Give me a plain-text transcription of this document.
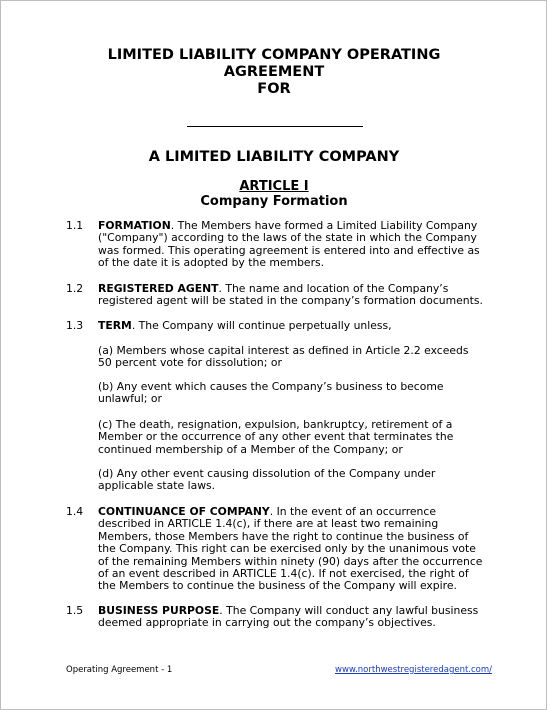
LIMITED LIABILITY COMPANY OPERATING
AGREEMENT
FOR
A LIMITED LIABILITY COMPANY
ARTICLE I
Company Formation
1.1 FORMATION. The Members have formed a Limited Liability Company ("Company") according to the laws of the state in which the Company was formed. This operating agreement is entered into and effective as of the date it is adopted by the members.
1.2 REGISTERED AGENT. The name and location of the Company’s registered agent will be stated in the company’s formation documents.
1.3 TERM. The Company will continue perpetually unless,
(a) Members whose capital interest as defined in Article 2.2 exceeds 50 percent vote for dissolution; or
(b) Any event which causes the Company’s business to become unlawful; or
(c) The death, resignation, expulsion, bankruptcy, retirement of a Member or the occurrence of any other event that terminates the continued membership of a Member of the Company; or
(d) Any other event causing dissolution of the Company under applicable state laws.
1.4 CONTINUANCE OF COMPANY. In the event of an occurrence described in ARTICLE 1.4(c), if there are at least two remaining Members, those Members have the right to continue the business of the Company. This right can be exercised only by the unanimous vote of the remaining Members within ninety (90) days after the occurrence of an event described in ARTICLE 1.4(c). If not exercised, the right of the Members to continue the business of the Company will expire.
1.5 BUSINESS PURPOSE. The Company will conduct any lawful business deemed appropriate in carrying out the company’s objectives.
Operating Agreement - 1	www.northwestregisteredagent.com/
